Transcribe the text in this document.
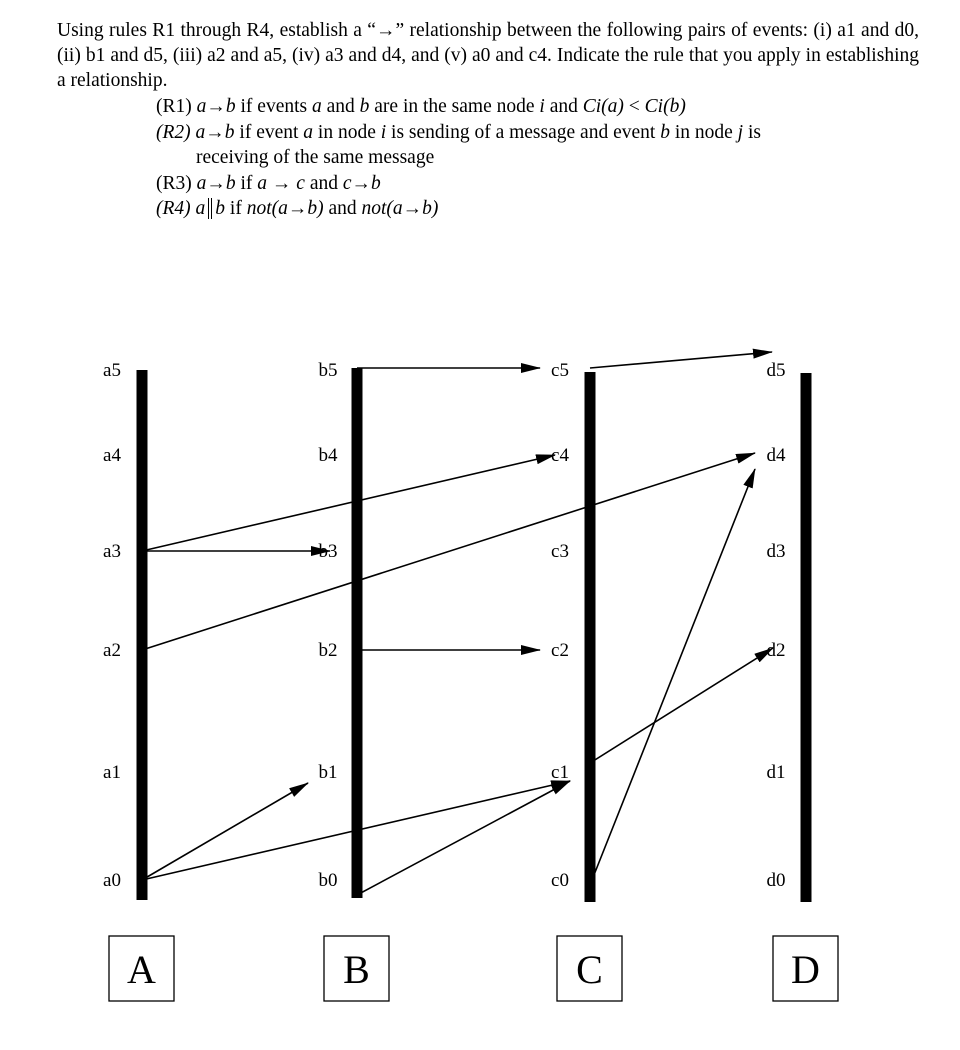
Using rules R1 through R4, establish a “→” relationship between the following pairs of events: (i) a1 and d0, (ii) b1 and d5, (iii) a2 and a5, (iv) a3 and d4, and (v) a0 and c4. Indicate the rule that you apply in establishing a relationship.
(R1) a→b if events a and b are in the same node i and Ci(a) < Ci(b)
(R2) a→b if event a in node i is sending of a message and event b in node j is
receiving of the same message
(R3) a→b if a → c and c→b
(R4) a b if not(a→b) and not(a→b)
a0
a1
a2
a3
a4
a5
b0
b1
b2
b3
b4
b5
c0
c1
c2
c3
c4
c5
d0
d1
d2
d3
d4
d5
A	B	C	D
